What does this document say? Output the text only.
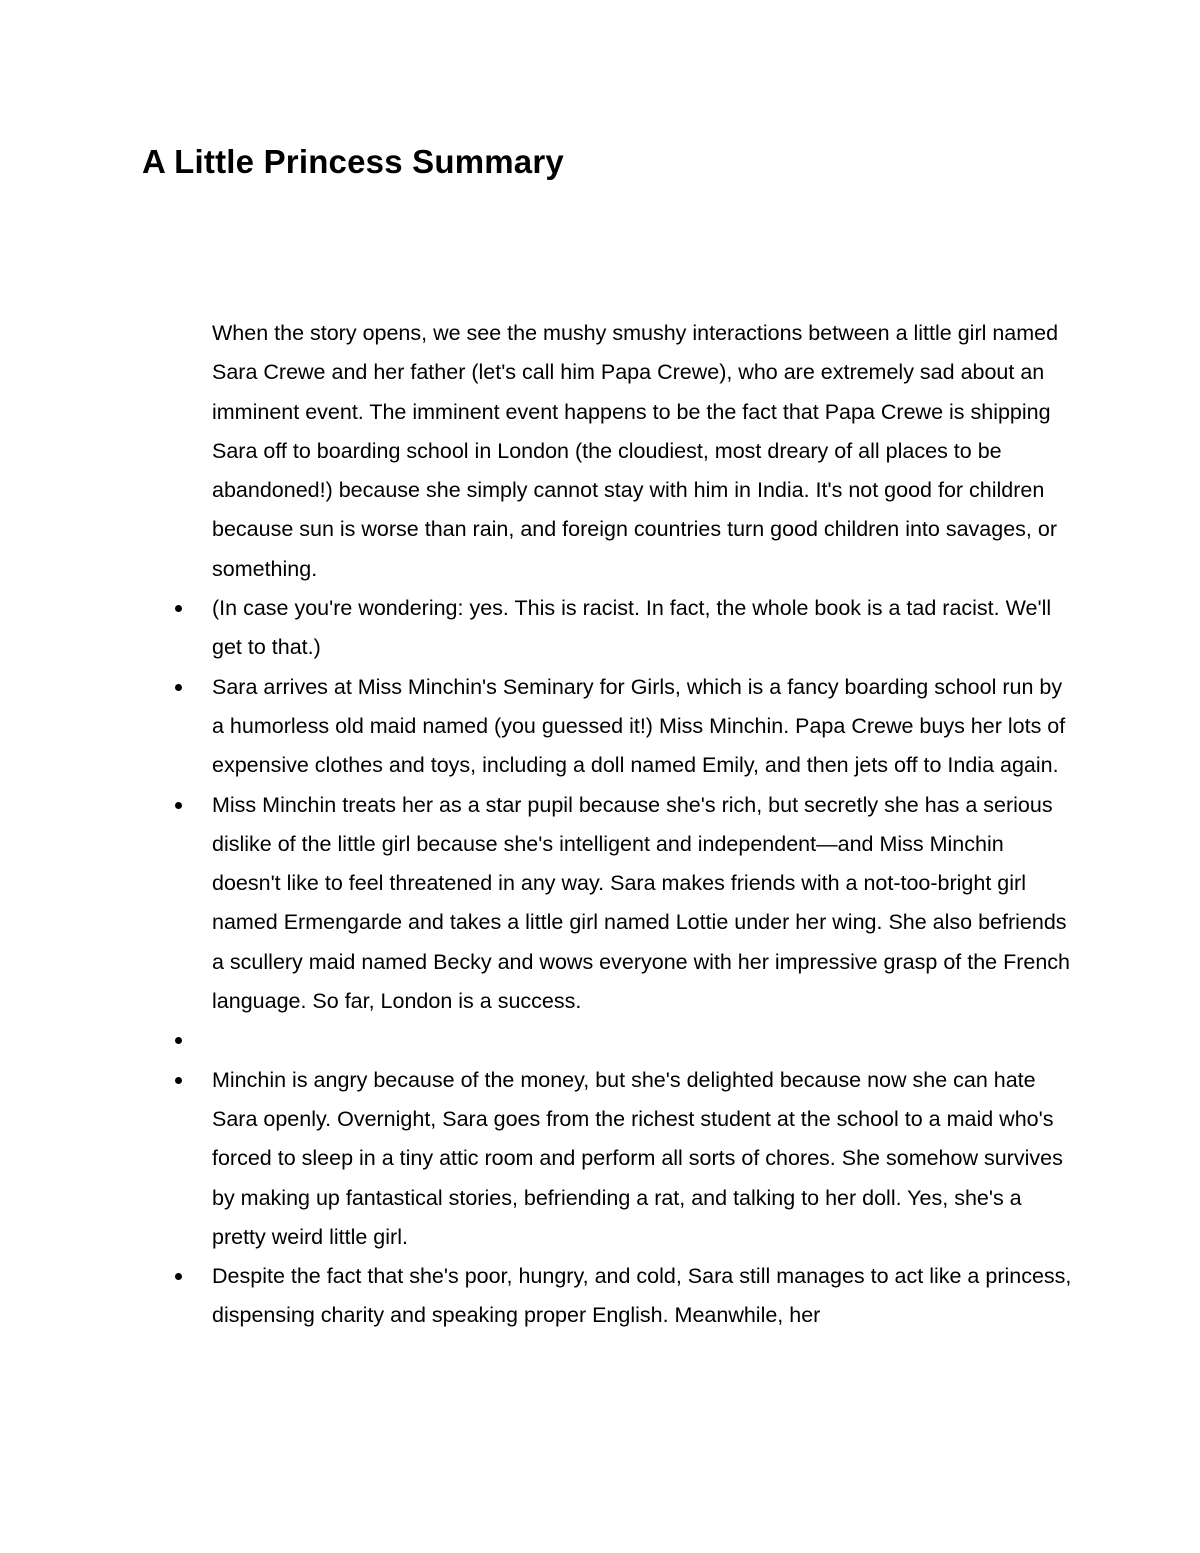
A Little Princess Summary

When the story opens, we see the mushy smushy interactions between a little girl named Sara Crewe and her father (let's call him Papa Crewe), who are extremely sad about an imminent event. The imminent event happens to be the fact that Papa Crewe is shipping Sara off to boarding school in London (the cloudiest, most dreary of all places to be abandoned!) because she simply cannot stay with him in India. It's not good for children because sun is worse than rain, and foreign countries turn good children into savages, or something.

(In case you're wondering: yes. This is racist. In fact, the whole book is a tad racist. We'll get to that.)
Sara arrives at Miss Minchin's Seminary for Girls, which is a fancy boarding school run by a humorless old maid named (you guessed it!) Miss Minchin. Papa Crewe buys her lots of expensive clothes and toys, including a doll named Emily, and then jets off to India again.
Miss Minchin treats her as a star pupil because she's rich, but secretly she has a serious dislike of the little girl because she's intelligent and independent—and Miss Minchin doesn't like to feel threatened in any way. Sara makes friends with a not-too-bright girl named Ermengarde and takes a little girl named Lottie under her wing. She also befriends a scullery maid named Becky and wows everyone with her impressive grasp of the French language. So far, London is a success.
Minchin is angry because of the money, but she's delighted because now she can hate Sara openly. Overnight, Sara goes from the richest student at the school to a maid who's forced to sleep in a tiny attic room and perform all sorts of chores. She somehow survives by making up fantastical stories, befriending a rat, and talking to her doll. Yes, she's a pretty weird little girl.
Despite the fact that she's poor, hungry, and cold, Sara still manages to act like a princess, dispensing charity and speaking proper English. Meanwhile, her
